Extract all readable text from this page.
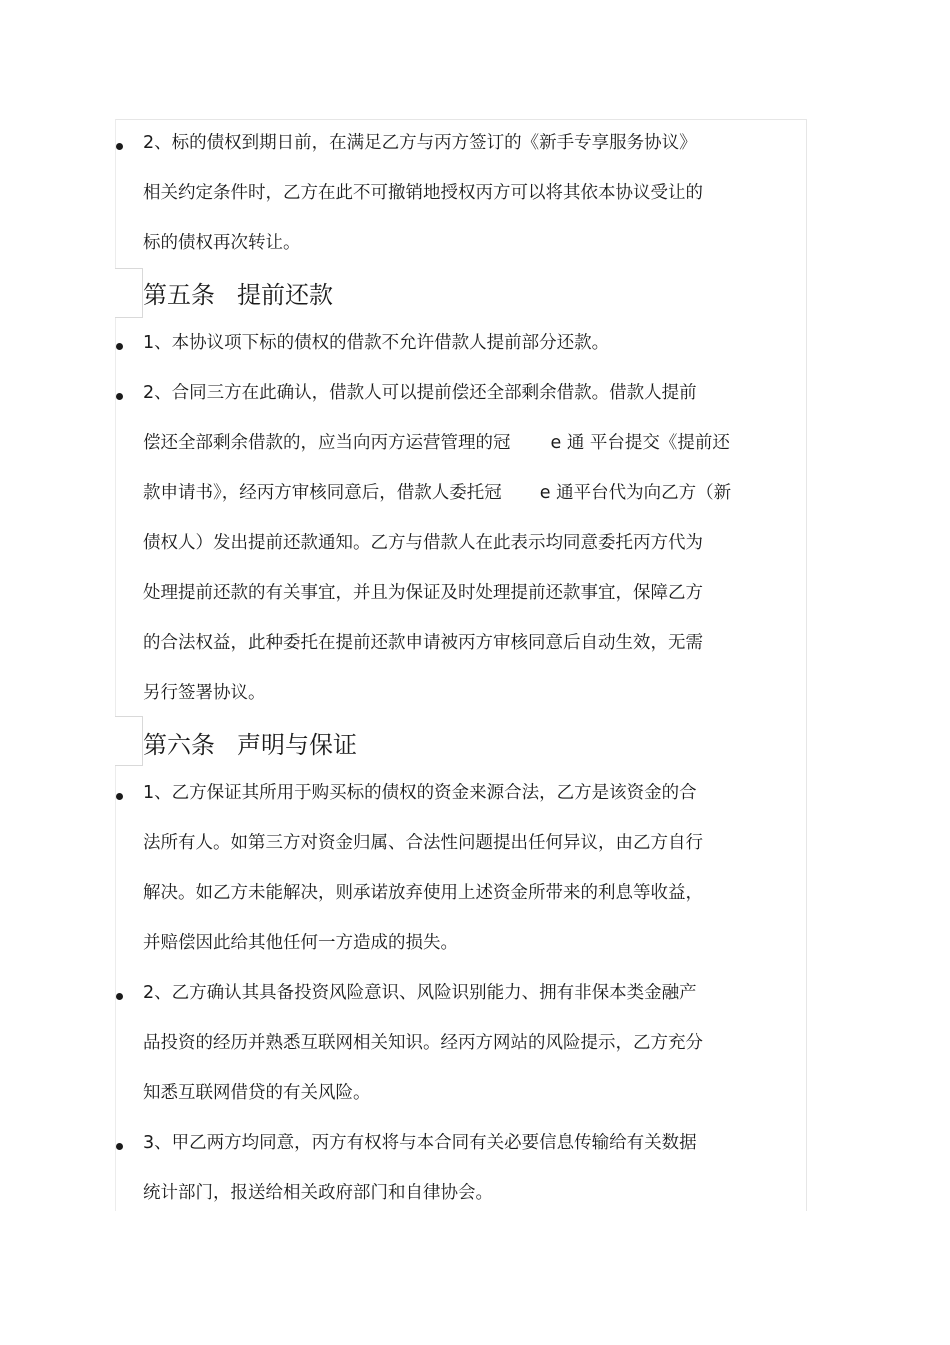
2、标的债权到期日前，在满足乙方与丙方签订的《新手专享服务协议》
相关约定条件时，乙方在此不可撤销地授权丙方可以将其依本协议受让的
标的债权再次转让。
第五条 提前还款
1、本协议项下标的债权的借款不允许借款人提前部分还款。
2、合同三方在此确认，借款人可以提前偿还全部剩余借款。借款人提前
偿还全部剩余借款的，应当向丙方运营管理的冠 e 通 平台提交《提前还
款申请书》，经丙方审核同意后，借款人委托冠 e 通平台代为向乙方（新
债权人）发出提前还款通知。乙方与借款人在此表示均同意委托丙方代为
处理提前还款的有关事宜，并且为保证及时处理提前还款事宜，保障乙方
的合法权益，此种委托在提前还款申请被丙方审核同意后自动生效，无需
另行签署协议。
第六条 声明与保证
1、乙方保证其所用于购买标的债权的资金来源合法，乙方是该资金的合
法所有人。如第三方对资金归属、合法性问题提出任何异议，由乙方自行
解决。如乙方未能解决，则承诺放弃使用上述资金所带来的利息等收益，
并赔偿因此给其他任何一方造成的损失。
2、乙方确认其具备投资风险意识、风险识别能力、拥有非保本类金融产
品投资的经历并熟悉互联网相关知识。经丙方网站的风险提示，乙方充分
知悉互联网借贷的有关风险。
3、甲乙两方均同意，丙方有权将与本合同有关必要信息传输给有关数据
统计部门，报送给相关政府部门和自律协会。
